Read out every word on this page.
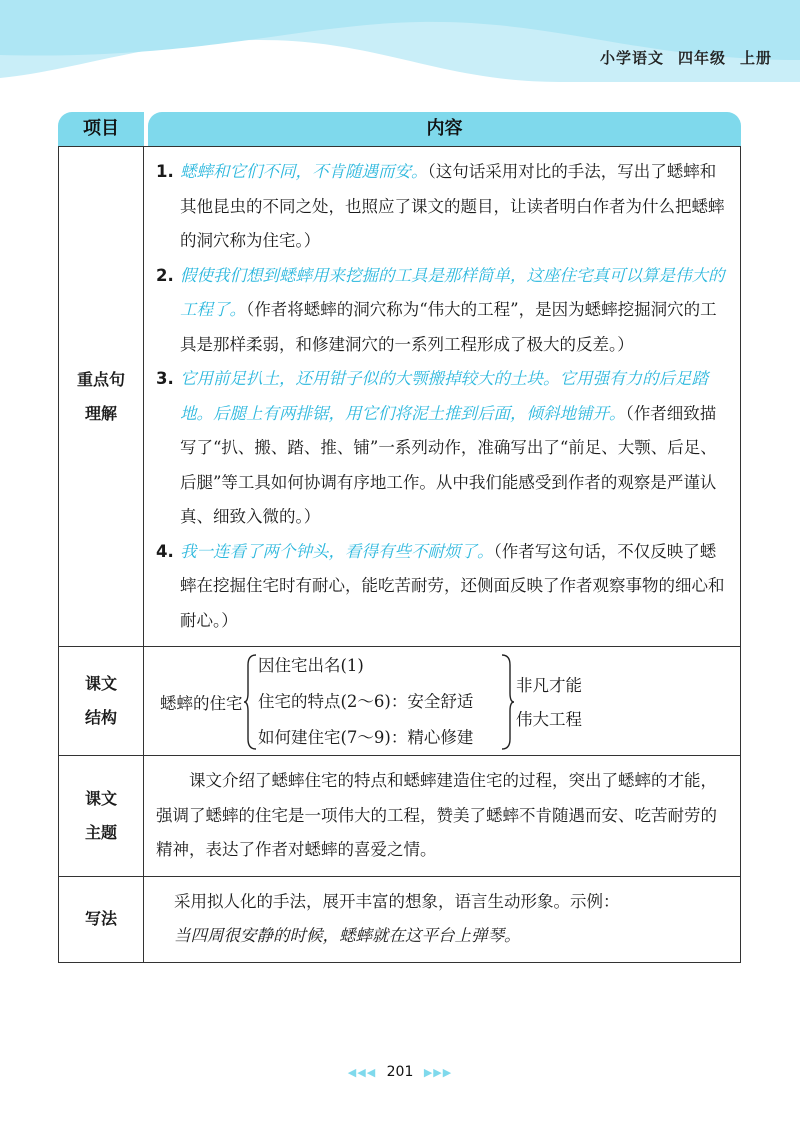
小学语文 四年级 上册
项目	内容
重点句
理解
1. 蟋蟀和它们不同，不肯随遇而安。（这句话采用对比的手法，写出了蟋蟀和其他昆虫的不同之处，也照应了课文的题目，让读者明白作者为什么把蟋蟀的洞穴称为住宅。）
2. 假使我们想到蟋蟀用来挖掘的工具是那样简单，这座住宅真可以算是伟大的工程了。（作者将蟋蟀的洞穴称为“伟大的工程”，是因为蟋蟀挖掘洞穴的工具是那样柔弱，和修建洞穴的一系列工程形成了极大的反差。）
3. 它用前足扒土，还用钳子似的大颚搬掉较大的土块。它用强有力的后足踏地。后腿上有两排锯，用它们将泥土推到后面，倾斜地铺开。（作者细致描写了“扒、搬、踏、推、铺”一系列动作，准确写出了“前足、大颚、后足、后腿”等工具如何协调有序地工作。从中我们能感受到作者的观察是严谨认真、细致入微的。）
4. 我一连看了两个钟头，看得有些不耐烦了。（作者写这句话，不仅反映了蟋蟀在挖掘住宅时有耐心，能吃苦耐劳，还侧面反映了作者观察事物的细心和耐心。）
课文
结构
蟋蟀的住宅
因住宅出名(1)
住宅的特点(2～6)：安全舒适
如何建住宅(7～9)：精心修建
非凡才能
伟大工程
课文
主题

课文介绍了蟋蟀住宅的特点和蟋蟀建造住宅的过程，突出了蟋蟀的才能，强调了蟋蟀的住宅是一项伟大的工程，赞美了蟋蟀不肯随遇而安、吃苦耐劳的精神，表达了作者对蟋蟀的喜爱之情。

写法

采用拟人化的手法，展开丰富的想象，语言生动形象。示例：

当四周很安静的时候，蟋蟀就在这平台上弹琴。

◀◀◀ 201 ▶▶▶
